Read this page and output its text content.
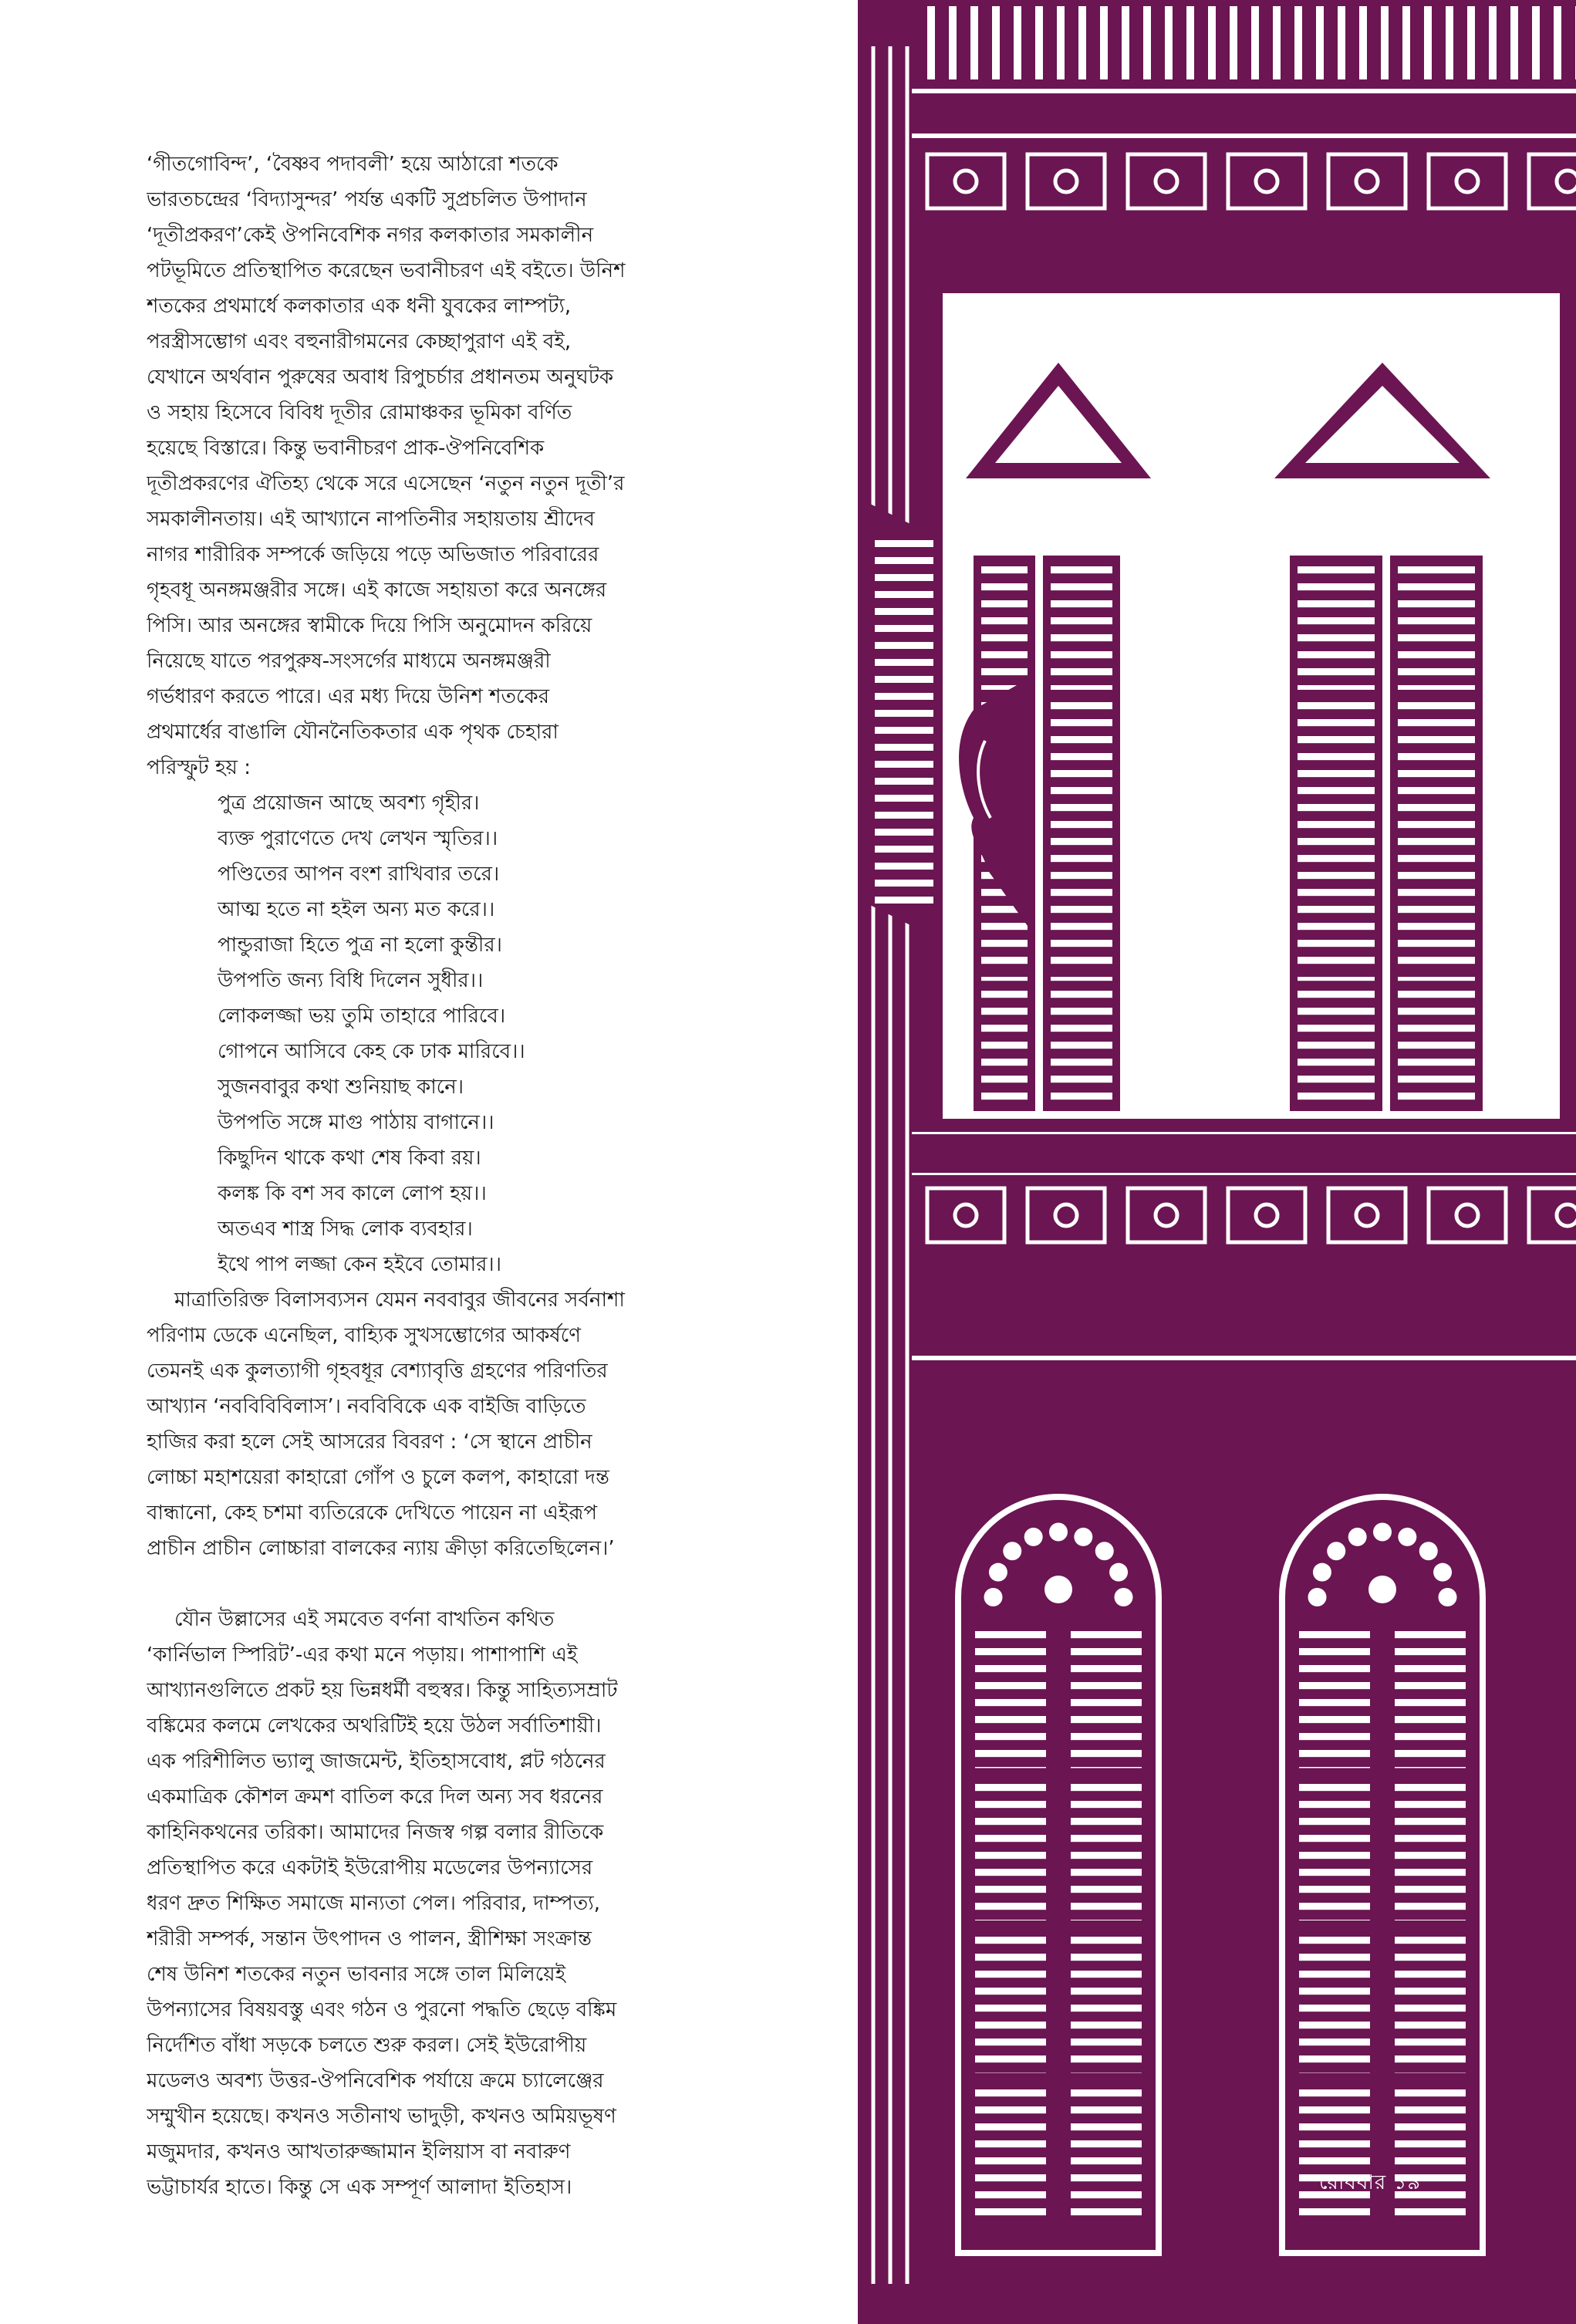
‘গীতগোবিন্দ’, ‘বৈষ্ণব পদাবলী’ হয়ে আঠারো শতকে
ভারতচন্দ্রের ‘বিদ্যাসুন্দর’ পর্যন্ত একটি সুপ্রচলিত উপাদান
‘দূতীপ্রকরণ’কেই ঔপনিবেশিক নগর কলকাতার সমকালীন
পটভূমিতে প্রতিস্থাপিত করেছেন ভবানীচরণ এই বইতে। উনিশ
শতকের প্রথমার্ধে কলকাতার এক ধনী যুবকের লাম্পট্য,
পরস্ত্রীসম্ভোগ এবং বহুনারীগমনের কেচ্ছাপুরাণ এই বই,
যেখানে অর্থবান পুরুষের অবাধ রিপুচর্চার প্রধানতম অনুঘটক
ও সহায় হিসেবে বিবিধ দূতীর রোমাঞ্চকর ভূমিকা বর্ণিত
হয়েছে বিস্তারে। কিন্তু ভবানীচরণ প্রাক-ঔপনিবেশিক
দূতীপ্রকরণের ঐতিহ্য থেকে সরে এসেছেন ‘নতুন নতুন দূতী’র
সমকালীনতায়। এই আখ্যানে নাপতিনীর সহায়তায় শ্রীদেব
নাগর শারীরিক সম্পর্কে জড়িয়ে পড়ে অভিজাত পরিবারের
গৃহবধূ অনঙ্গমঞ্জরীর সঙ্গে। এই কাজে সহায়তা করে অনঙ্গের
পিসি। আর অনঙ্গের স্বামীকে দিয়ে পিসি অনুমোদন করিয়ে
নিয়েছে যাতে পরপুরুষ-সংসর্গের মাধ্যমে অনঙ্গমঞ্জরী
গর্ভধারণ করতে পারে। এর মধ্য দিয়ে উনিশ শতকের
প্রথমার্ধের বাঙালি যৌননৈতিকতার এক পৃথক চেহারা
পরিস্ফুট হয় :

পুত্র প্রয়োজন আছে অবশ্য গৃহীর।
ব্যক্ত পুরাণেতে দেখ লেখন স্মৃতির।।
পণ্ডিতের আপন বংশ রাখিবার তরে।
আত্ম হতে না হইল অন্য মত করে।।
পান্ডুরাজা হিতে পুত্র না হলো কুন্তীর।
উপপতি জন্য বিধি দিলেন সুধীর।।
লোকলজ্জা ভয় তুমি তাহারে পারিবে।
গোপনে আসিবে কেহ কে ঢাক মারিবে।।
সুজনবাবুর কথা শুনিয়াছ কানে।
উপপতি সঙ্গে মাগু পাঠায় বাগানে।।
কিছুদিন থাকে কথা শেষ কিবা রয়।
কলঙ্ক কি বশ সব কালে লোপ হয়।।
অতএব শাস্ত্র সিদ্ধ লোক ব্যবহার।
ইথে পাপ লজ্জা কেন হইবে তোমার।।

মাত্রাতিরিক্ত বিলাসব্যসন যেমন নববাবুর জীবনের সর্বনাশা
পরিণাম ডেকে এনেছিল, বাহ্যিক সুখসম্ভোগের আকর্ষণে
তেমনই এক কুলত্যাগী গৃহবধূর বেশ্যাবৃত্তি গ্রহণের পরিণতির
আখ্যান ‘নববিবিবিলাস’। নববিবিকে এক বাইজি বাড়িতে
হাজির করা হলে সেই আসরের বিবরণ : ‘সে স্থানে প্রাচীন
লোচ্চা মহাশয়েরা কাহারো গোঁপ ও চুলে কলপ, কাহারো দন্ত
বান্ধানো, কেহ চশমা ব্যতিরেকে দেখিতে পায়েন না এইরূপ
প্রাচীন প্রাচীন লোচ্চারা বালকের ন্যায় ক্রীড়া করিতেছিলেন।’

যৌন উল্লাসের এই সমবেত বর্ণনা বাখতিন কথিত
‘কার্নিভাল স্পিরিট’-এর কথা মনে পড়ায়। পাশাপাশি এই
আখ্যানগুলিতে প্রকট হয় ভিন্নধর্মী বহুস্বর। কিন্তু সাহিত্যসম্রাট
বঙ্কিমের কলমে লেখকের অথরিটিই হয়ে উঠল সর্বাতিশায়ী।
এক পরিশীলিত ভ্যালু জাজমেন্ট, ইতিহাসবোধ, প্লট গঠনের
একমাত্রিক কৌশল ক্রমশ বাতিল করে দিল অন্য সব ধরনের
কাহিনিকথনের তরিকা। আমাদের নিজস্ব গল্প বলার রীতিকে
প্রতিস্থাপিত করে একটাই ইউরোপীয় মডেলের উপন্যাসের
ধরণ দ্রুত শিক্ষিত সমাজে মান্যতা পেল। পরিবার, দাম্পত্য,
শরীরী সম্পর্ক, সন্তান উৎপাদন ও পালন, স্ত্রীশিক্ষা সংক্রান্ত
শেষ উনিশ শতকের নতুন ভাবনার সঙ্গে তাল মিলিয়েই
উপন্যাসের বিষয়বস্তু এবং গঠন ও পুরনো পদ্ধতি ছেড়ে বঙ্কিম
নির্দেশিত বাঁধা সড়কে চলতে শুরু করল। সেই ইউরোপীয়
মডেলও অবশ্য উত্তর-ঔপনিবেশিক পর্যায়ে ক্রমে চ্যালেঞ্জের
সম্মুখীন হয়েছে। কখনও সতীনাথ ভাদুড়ী, কখনও অমিয়ভূষণ
মজুমদার, কখনও আখতারুজ্জামান ইলিয়াস বা নবারুণ
ভট্টাচার্যর হাতে। কিন্তু সে এক সম্পূর্ণ আলাদা ইতিহাস।	রোববার ১৯
